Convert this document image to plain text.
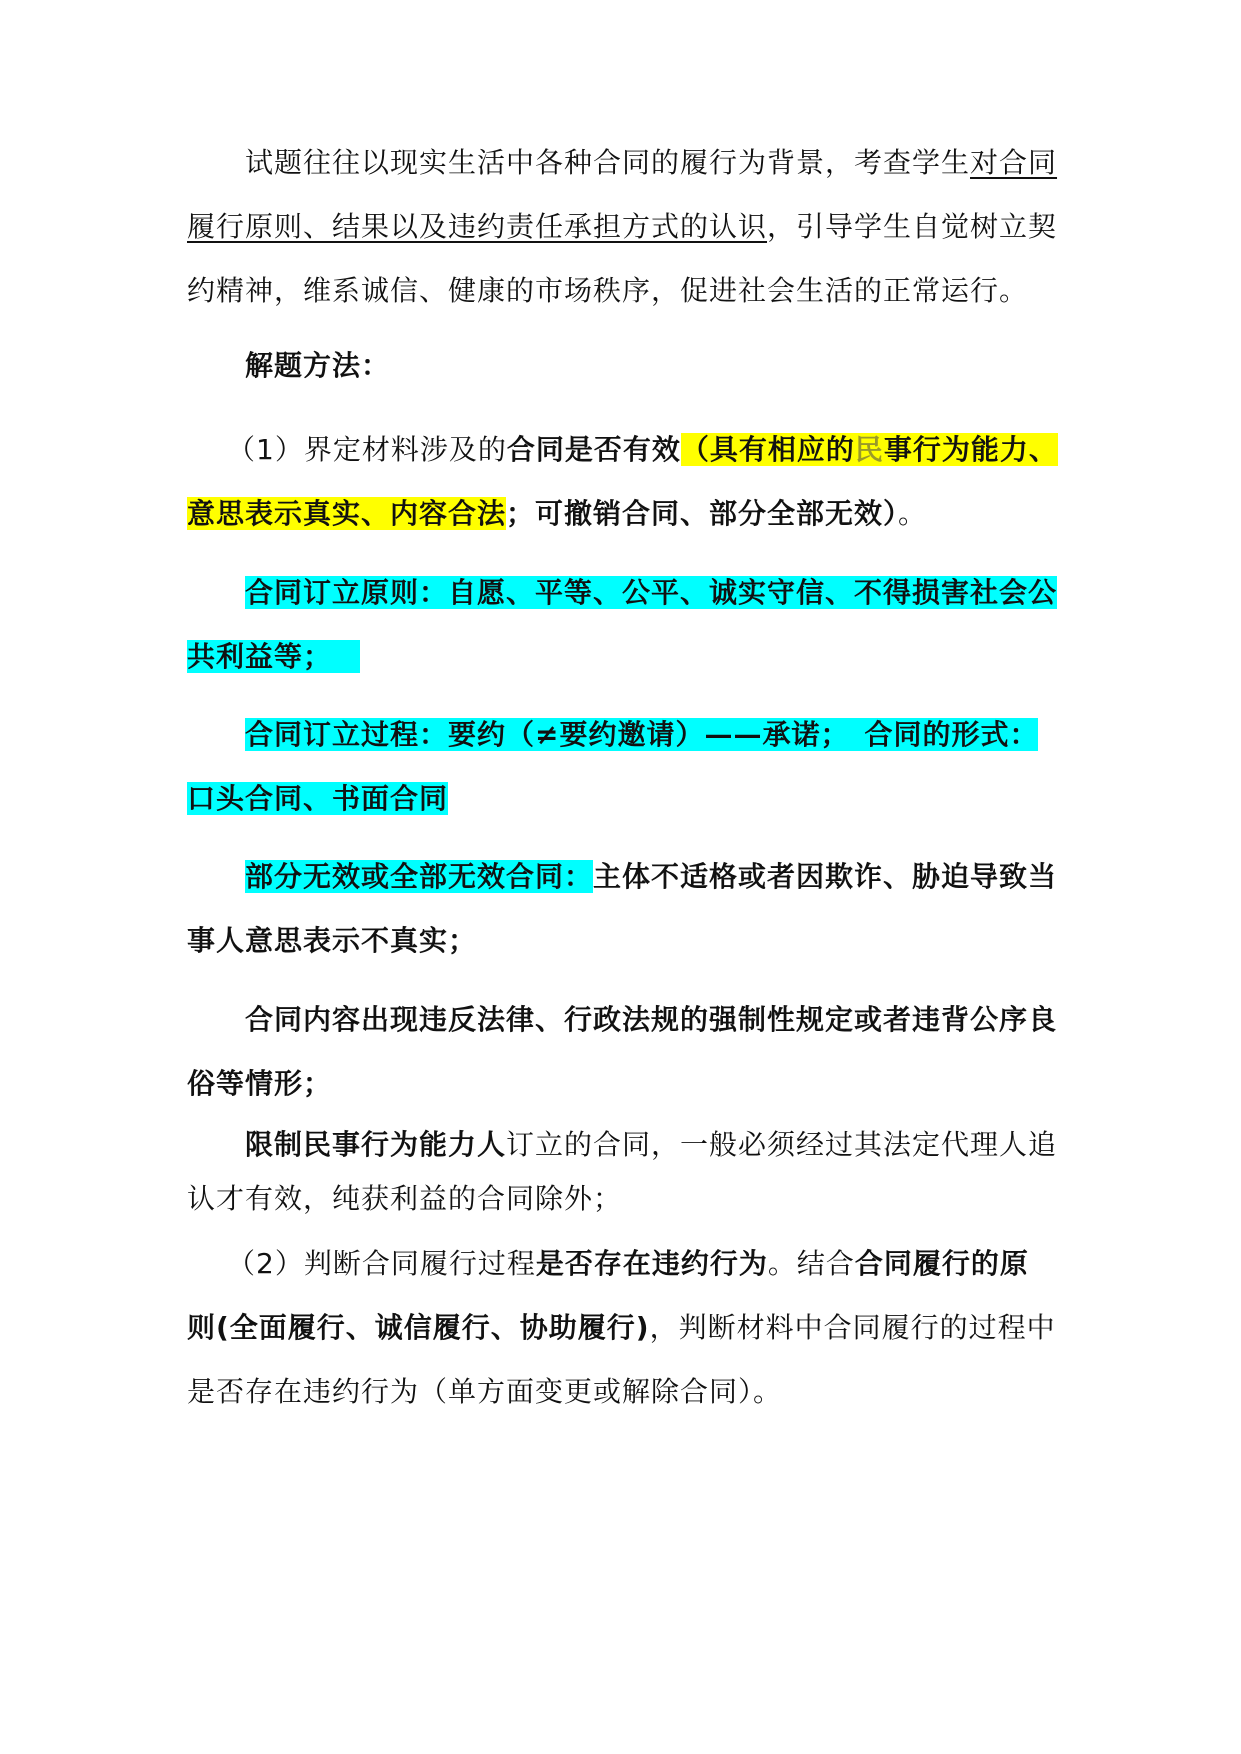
试题往往以现实生活中各种合同的履行为背景，考查学生对合同

履行原则、结果以及违约责任承担方式的认识，引导学生自觉树立契

约精神，维系诚信、健康的市场秩序，促进社会生活的正常运行。

解题方法：

（1）界定材料涉及的合同是否有效（具有相应的民事行为能力、

意思表示真实、内容合法；可撤销合同、部分全部无效）。

合同订立原则：自愿、平等、公平、诚实守信、不得损害社会公

共利益等；

合同订立过程：要约（≠要约邀请）——承诺；　合同的形式：

口头合同、书面合同

部分无效或全部无效合同：主体不适格或者因欺诈、胁迫导致当

事人意思表示不真实；

合同内容出现违反法律、行政法规的强制性规定或者违背公序良

俗等情形；

限制民事行为能力人订立的合同，一般必须经过其法定代理人追

认才有效，纯获利益的合同除外；

（2）判断合同履行过程是否存在违约行为。结合合同履行的原

则(全面履行、诚信履行、协助履行)，判断材料中合同履行的过程中

是否存在违约行为（单方面变更或解除合同）。
